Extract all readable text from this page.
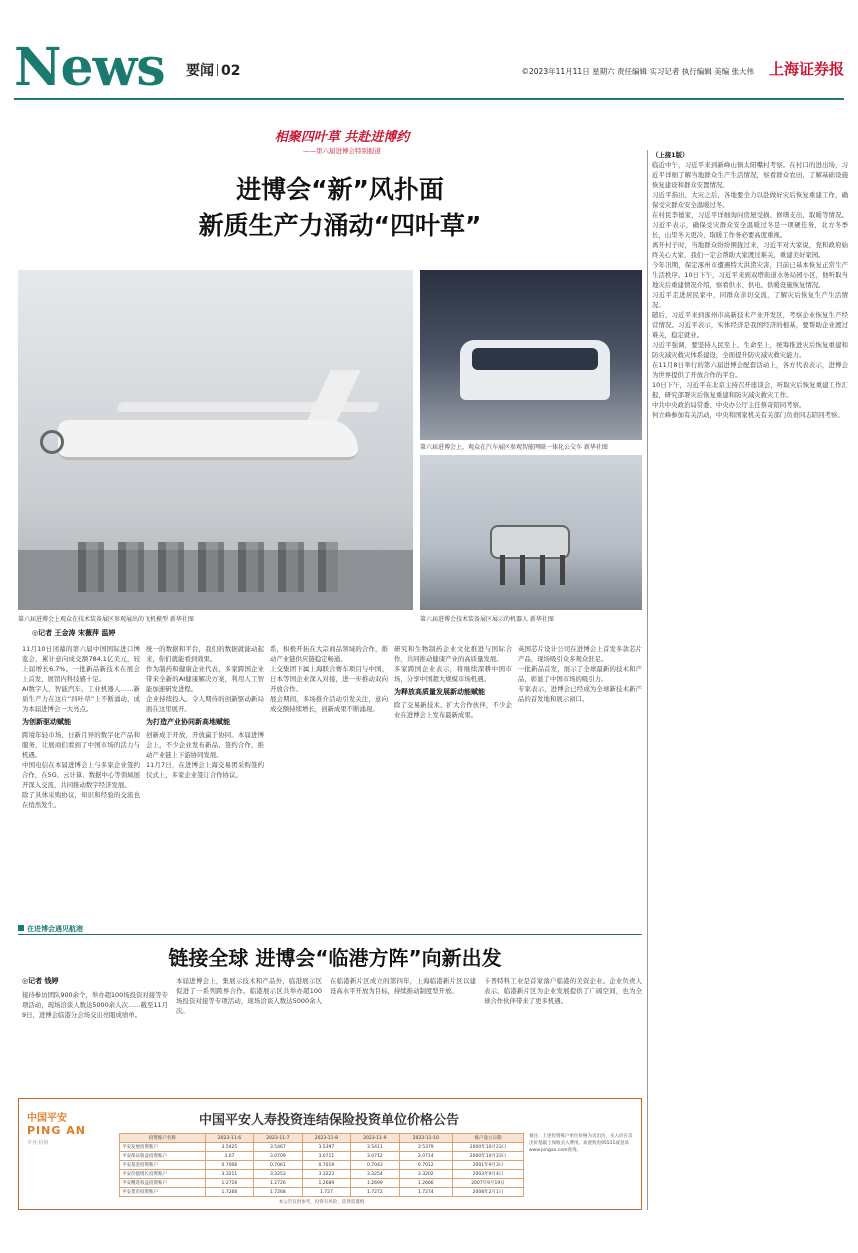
News 要闻 02	©2023年11月11日 星期六 责任编辑 实习记者 执行编辑 美编 张大伟 上海证券报
相聚四叶草 共赴进博约
——第六届进博会特别报道
进博会“新”风扑面
新质生产力涌动“四叶草”
第六届进博会上，观众在汽车展区参观智能网联一体化公交车 新华社图
第六届进博会上观众在技术装备展区参观展出的飞机模型 新华社图	第六届进博会技术装备展区展示的机器人 新华社图
◎记者 王金涛 宋薇萍 温婷

11月10日闭幕的第六届中国国际进口博览会，累计意向成交额784.1亿美元，较上届增长6.7%。一批新品新技术在展会上首发，展馆内科技感十足。

AI数字人、智能汽车、工业机器人……新质生产力在这片“四叶草”上不断涌动，成为本届进博会一大亮点。

为创新驱动赋能

跨境年轻市场、日新月异的数字化产品和服务，让展商们看到了中国市场的活力与机遇。

中国电信在本届进博会上与多家企业签约合作，在5G、云计算、数据中心等领域展开深入交流，共同推动数字经济发展。

除了具体采购协议，知识和经验的交流也在悄然发生。

统一的数据和平台，我们的数据就能动起来，你们就能看到效果。

作为制药和健康企业代表，多家跨国企业带来全新的AI健康解决方案，利用人工智能加速研发进程。

企业持续投入。令人期待的创新驱动新局面在这里展开。

为打造产业协同新高地赋能

创新成于开放，开放赢于协同。本届进博会上，不少企业发布新品、签约合作，推动产业链上下游协同发展。

11月7日，在进博会上海交易团采购签约仪式上，多家企业签订合作协议。

系，积极开拓在大宗商品领域的合作，推动产业链供应链稳定畅通。

上交集团下属上海联合赛车项目与中国、日本等国企业深入对接，进一步推动双向开放合作。

展会期间，多场推介活动引发关注，意向成交额持续增长，创新成果不断涌现。

研究和生物制药企业文化推进与国际合作，共同推动健康产业的高质量发展。

多家跨国企业表示，将继续深耕中国市场，分享中国超大规模市场机遇。

为释放高质量发展新动能赋能

除了交易新技术、扩大合作伙伴，不少企业在进博会上发布最新成果。

英国芯片设计公司在进博会上首发多款芯片产品，现场吸引众多观众驻足。

一批新品首发，展示了全球最新的技术和产品，彰显了中国市场的吸引力。

专家表示，进博会已经成为全球新技术新产品的首发地和展示窗口。

（上接1版）

临近中午，习近平来到新峰山镇太阳嘴村考察。在村口的进出场，习近平详细了解当地群众生产生活情况，察看群众农田，了解基础设施恢复建设和群众安置情况。

习近平指出，大灾之后，各地要全力以赴做好灾后恢复重建工作，确保受灾群众安全温暖过冬。

在村民李德家，习近平详细询问房屋受损、修缮支出、取暖等情况。习近平表示，确保受灾群众安全温暖过冬是一项硬任务，北方冬季长，山里冬天更冷，取暖工作务必要高度重视。

离开村子时，当地群众纷纷围拢过来，习近平对大家说，党和政府始终关心大家，我们一定会帮助大家渡过难关，重建美好家园。

今年汛期，保定涿州市遭遇特大洪涝灾害，目前已基本恢复正常生产生活秩序。10日下午，习近平来到双塔街道水务局园小区，他听取当地灾后重建情况介绍，察看供水、供电、供暖设施恢复情况。

习近平走进居民家中，同群众亲切交流，了解灾后恢复生产生活情况。

随后，习近平来到涿州市高新技术产业开发区，考察企业恢复生产经营情况。习近平表示，实体经济是我国经济的根基，要帮助企业渡过难关，稳定就业。

习近平强调，要坚持人民至上、生命至上，统筹推进灾后恢复重建和防灾减灾救灾体系建设，全面提升防灾减灾救灾能力。

在11月8日举行的第六届进博会配套活动上，各方代表表示，进博会为世界提供了开放合作的平台。

10日下午，习近平在北京主持召开座谈会，听取灾后恢复重建工作汇报，研究部署灾后恢复重建和防灾减灾救灾工作。

中共中央政治局常委、中央办公厅主任蔡奇陪同考察。

何立峰参加有关活动，中央和国家机关有关部门负责同志陪同考察。

在进博会遇见航港
链接全球 进博会“临港方阵”向新出发
◎记者 钱婷

接待参访团队900余个，举办超100场投资对接等专项活动，现场洽谈人数达5000余人次……截至11月9日，进博会临港分会场交出亮眼成绩单。

本届进博会上，集展示技术和产品外，临港展示区促进了一系列跨界合作。临港展示区共举办超100场投资对接等专项活动，现场洽谈人数达5000余人次。

在临港新片区成立的第四年，上海临港新片区以建设高水平开放为目标，持续推动制度型开放。

卡普特科工业是首家落户临港的美资企业。企业负责人表示，临港新片区为企业发展提供了广阔空间，也为全球合作伙伴带来了更多机遇。

中国平安
PING AN
专业·价值
中国平安人寿投资连结保险投资单位价格公告
投资账户名称	2023-11-6	2023-11-7	2023-11-8	2023-11-9	2023-11-10	账户设立日期
平安发展投资账户	3.5425	3.5467	3.5397	3.5411	3.5379	2000年10月23日
平安保证收益投资账户	3.07	3.0709	3.0711	3.0712	3.0714	2000年10月23日
平安基金投资账户	0.7006	0.7061	0.7019	0.7043	0.7012	2001年9月3日
平安价值增长投资账户	3.3211	3.3253	3.3223	3.3254	3.3202	2003年9月4日
平安精选权益投资账户	1.2716	1.2726	1.2689	1.2699	1.2666	2007年9月19日
平安货币投资账户	1.7266	1.7268	1.727	1.7272	1.7274	2008年2月1日
备注：上述投资账户单位价格为卖出价，买入价在卖出价基础上加收买入费用。欢迎致电95511或登录www.pingan.com查询。
本公告仅供参考，投资有风险，选择需谨慎
